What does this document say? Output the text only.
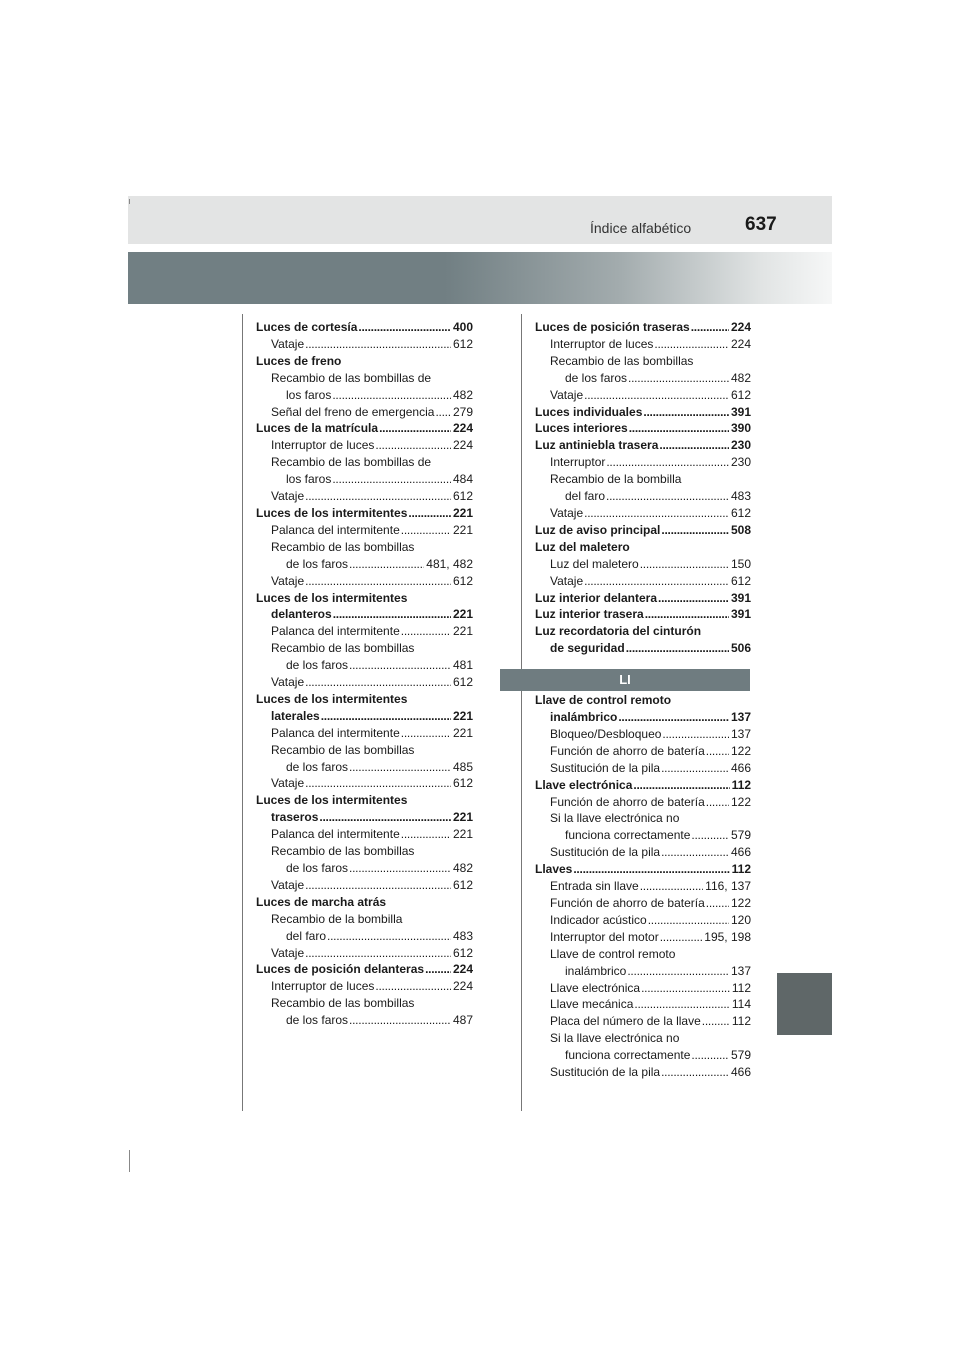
Índice alfabético	637
Luces de cortesía . . .	400
Vataje . . .	612
Luces de freno
Recambio de las bombillas de
los faros . . .	482
Señal del freno de emergencia . . . 279
Luces de la matrícula . . .	224
Interruptor de luces . . .	224
Recambio de las bombillas de
los faros . . .	484
Vataje . . .	612
Luces de los intermitentes . . .	221
Palanca del intermitente . . .	221
Recambio de las bombillas
de los faros . . .	481, 482
Vataje . . .	612
Luces de los intermitentes
delanteros . . .	221
Palanca del intermitente . . .	221
Recambio de las bombillas
de los faros . . .	481
Vataje . . .	612
Luces de los intermitentes
laterales . . .	221
Palanca del intermitente . . .	221
Recambio de las bombillas
de los faros . . .	485
Vataje . . .	612
Luces de los intermitentes
traseros . . .	221
Palanca del intermitente . . .	221
Recambio de las bombillas
de los faros . . .	482
Vataje . . .	612
Luces de marcha atrás
Recambio de la bombilla
del faro . . .	483
Vataje . . .	612
Luces de posición delanteras . . . 224
Interruptor de luces . . .	224
Recambio de las bombillas
de los faros . . .	487
Luces de posición traseras . . .	224
Interruptor de luces . . .	224
Recambio de las bombillas
de los faros . . .	482
Vataje . . .	612
Luces individuales . . .	391
Luces interiores . . .	390
Luz antiniebla trasera . . .	230
Interruptor . . .	230
Recambio de la bombilla
del faro . . .	483
Vataje . . .	612
Luz de aviso principal . . .	508
Luz del maletero
Luz del maletero . . .	150
Vataje . . .	612
Luz interior delantera . . .	391
Luz interior trasera . . .	391
Luz recordatoria del cinturón
de seguridad . . .	506
LI
Llave de control remoto
inalámbrico . . .	137
Bloqueo/Desbloqueo . . .	137
Función de ahorro de batería . . . 122
Sustitución de la pila . . .	466
Llave electrónica . . .	112
Función de ahorro de batería . . . 122
Si la llave electrónica no
funciona correctamente . . .	579
Sustitución de la pila . . .	466
Llaves . . .	112
Entrada sin llave . . .	116, 137
Función de ahorro de batería . . . 122
Indicador acústico . . .	120
Interruptor del motor . . .	195, 198
Llave de control remoto
inalámbrico . . .	137
Llave electrónica . . .	112
Llave mecánica . . .	114
Placa del número de la llave . . .	112
Si la llave electrónica no
funciona correctamente . . .	579
Sustitución de la pila . . .	466
